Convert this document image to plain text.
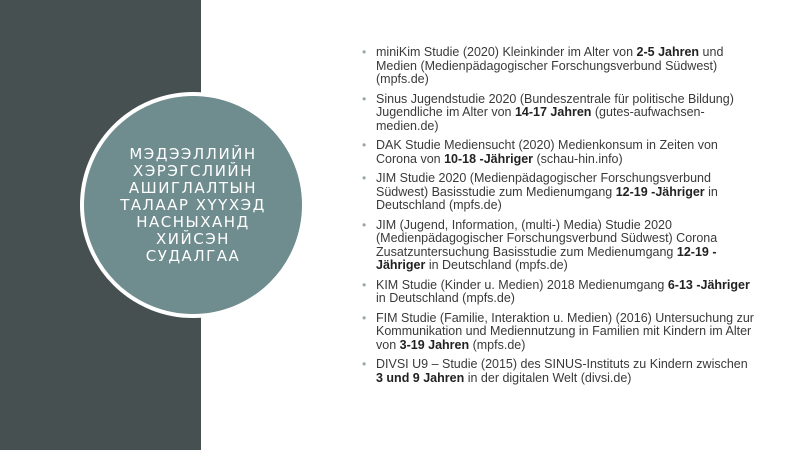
МЭДЭЭЛЛИЙН ХЭРЭГСЛИЙН АШИГЛАЛТЫН ТАЛААР ХҮҮХЭД НАСНЫХАНД ХИЙСЭН СУДАЛГАА
• miniKim Studie (2020) Kleinkinder im Alter von 2-5 Jahren und Medien (Medienpädagogischer Forschungsverbund Südwest) (mpfs.de)
• Sinus Jugendstudie 2020 (Bundeszentrale für politische Bildung) Jugendliche im Alter von 14-17 Jahren (gutes-aufwachsen-medien.de)
• DAK Studie Mediensucht (2020) Medienkonsum in Zeiten von Corona von 10-18 -Jähriger (schau-hin.info)
• JIM Studie 2020 (Medienpädagogischer Forschungsverbund Südwest) Basisstudie zum Medienumgang 12-19 -Jähriger in Deutschland (mpfs.de)
• JIM (Jugend, Information, (multi-) Media) Studie 2020 (Medienpädagogischer Forschungsverbund Südwest) Corona Zusatzuntersuchung Basisstudie zum Medienumgang 12-19 -Jähriger in Deutschland (mpfs.de)
• KIM Studie (Kinder u. Medien) 2018 Medienumgang 6-13 -Jähriger in Deutschland (mpfs.de)
• FIM Studie (Familie, Interaktion u. Medien) (2016) Untersuchung zur Kommunikation und Mediennutzung in Familien mit Kindern im Alter von 3-19 Jahren (mpfs.de)
• DIVSI U9 – Studie (2015) des SINUS-Instituts zu Kindern zwischen 3 und 9 Jahren in der digitalen Welt (divsi.de)
